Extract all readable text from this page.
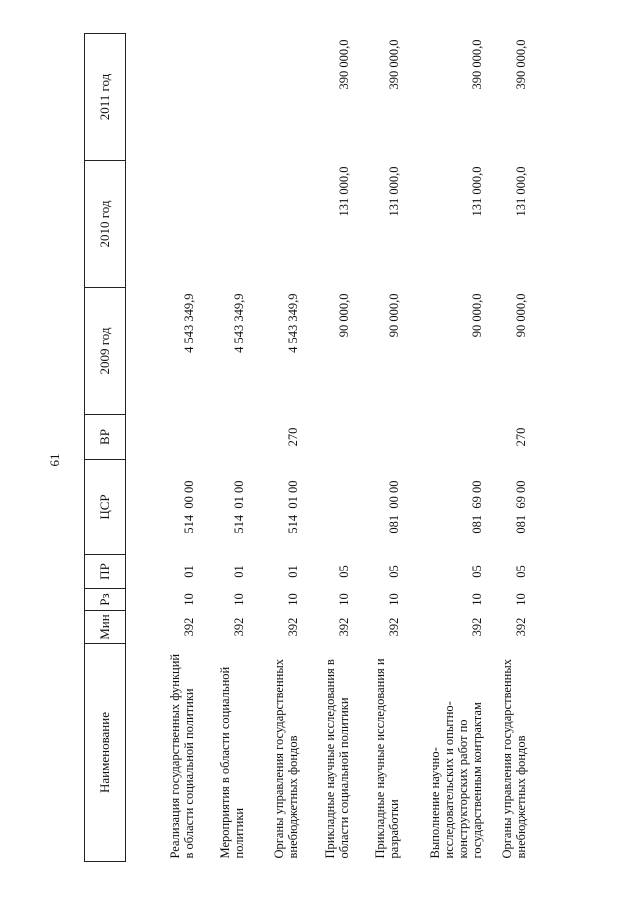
61
Наименование	Мин	Рз	ПР	ЦСР	ВР	2009 год	2010 год	2011 год
Реализация государственных функций в области социальной политики	392	10	01	514  00 00		4 543 349,9		
Мероприятия в области социальной политики	392	10	01	514  01 00		4 543 349,9		
Органы управления государственных внебюджетных фондов	392	10	01	514  01 00	270	4 543 349,9		
Прикладные научные исследования в области социальной политики	392	10	05			90 000,0	131 000,0	390 000,0
Прикладные научные исследования и разработки	392	10	05	081  00 00		90 000,0	131 000,0	390 000,0
Выполнение научно-исследовательских и опытно-конструкторских работ по государственным контрактам	392	10	05	081  69 00		90 000,0	131 000,0	390 000,0
Органы управления государственных внебюджетных фондов	392	10	05	081  69 00	270	90 000,0	131 000,0	390 000,0
